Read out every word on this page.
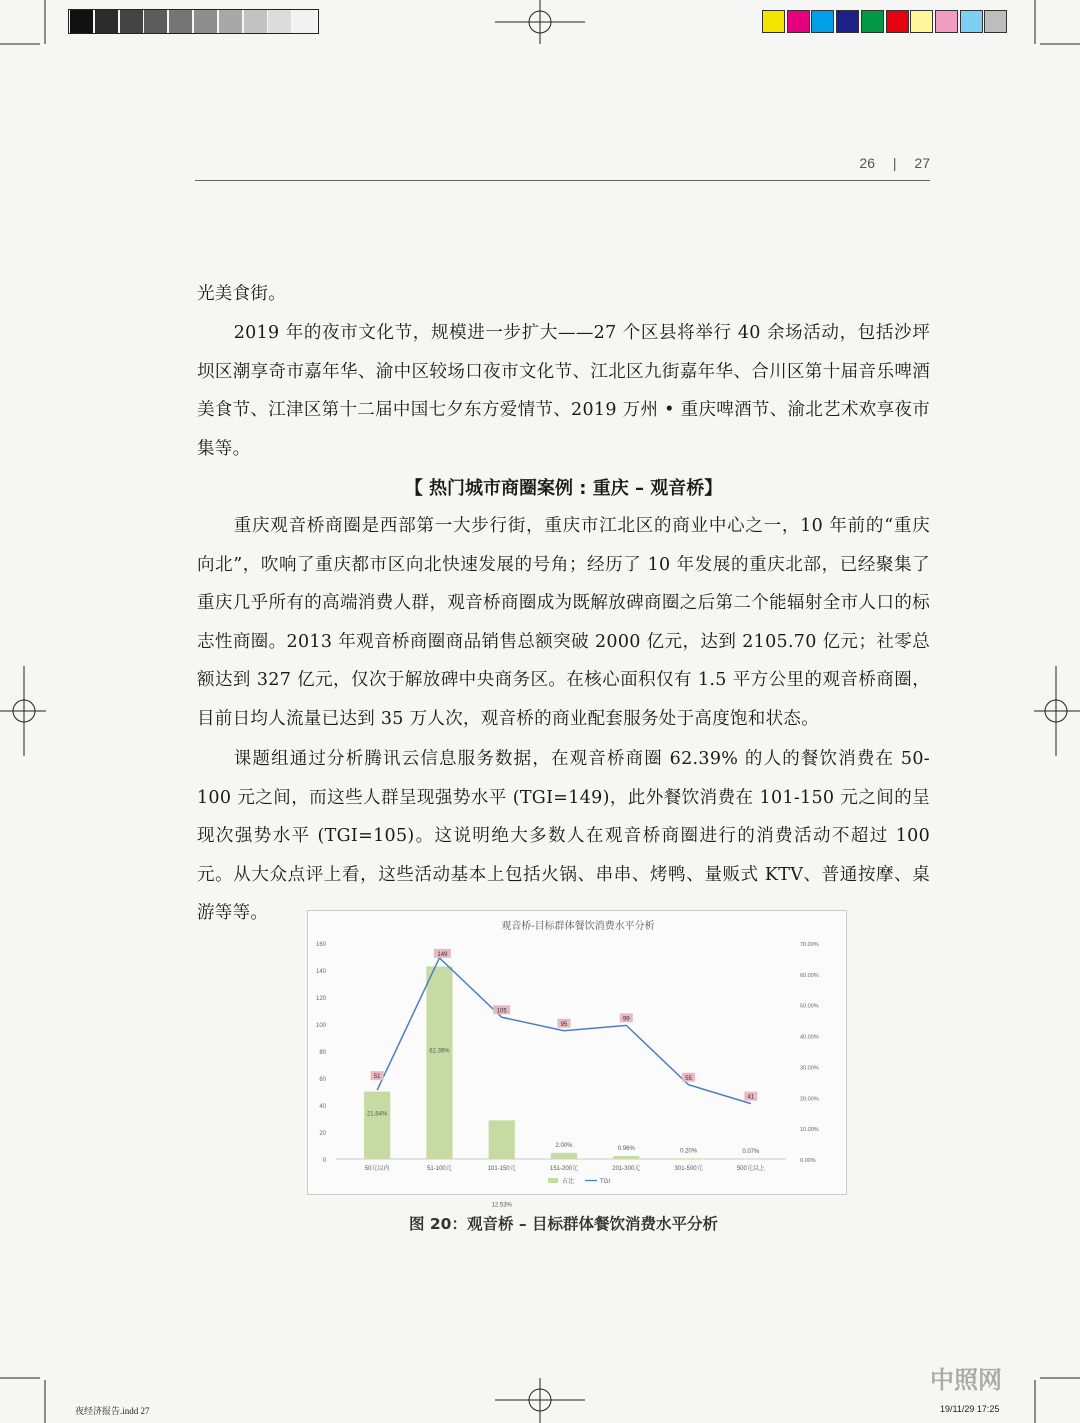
26 | 27
光美食街。
2019 年的夜市文化节，规模进一步扩大——27 个区县将举行 40 余场活动，包括沙坪坝区潮享奇市嘉年华、渝中区较场口夜市文化节、江北区九街嘉年华、合川区第十届音乐啤酒美食节、江津区第十二届中国七夕东方爱情节、2019 万州 • 重庆啤酒节、渝北艺术欢享夜市集等。
【 热门城市商圈案例 : 重庆 – 观音桥】
重庆观音桥商圈是西部第一大步行街，重庆市江北区的商业中心之一，10 年前的“重庆向北”，吹响了重庆都市区向北快速发展的号角；经历了 10 年发展的重庆北部，已经聚集了重庆几乎所有的高端消费人群，观音桥商圈成为既解放碑商圈之后第二个能辐射全市人口的标志性商圈。2013 年观音桥商圈商品销售总额突破 2000 亿元，达到 2105.70 亿元；社零总额达到 327 亿元，仅次于解放碑中央商务区。在核心面积仅有 1.5 平方公里的观音桥商圈，目前日均人流量已达到 35 万人次，观音桥的商业配套服务处于高度饱和状态。
课题组通过分析腾讯云信息服务数据，在观音桥商圈 62.39% 的人的餐饮消费在 50-100 元之间，而这些人群呈现强势水平 (TGI=149)，此外餐饮消费在 101-150 元之间的呈现次强势水平 (TGI=105)。这说明绝大多数人在观音桥商圈进行的消费活动不超过 100 元。从大众点评上看，这些活动基本上包括火锅、串串、烤鸭、量贩式 KTV、普通按摩、桌游等等。
观音桥-目标群体餐饮消费水平分析
0
20
40
60
80
100
120
140
160
0.00%
10.00%
20.00%
30.00%
40.00%
50.00%
60.00%
70.00%
21.84%
50元以内
62.39%
51-100元
12.53%
101-150元
2.00%
151-200元
0.96%
201-300元
0.20%
301-500元
0.07%
500元以上
51
149
105
95
99
55
41
占比	TGI
图 20：观音桥 – 目标群体餐饮消费水平分析
夜经济报告.indd 27	19/11/29 17:25
中照网
